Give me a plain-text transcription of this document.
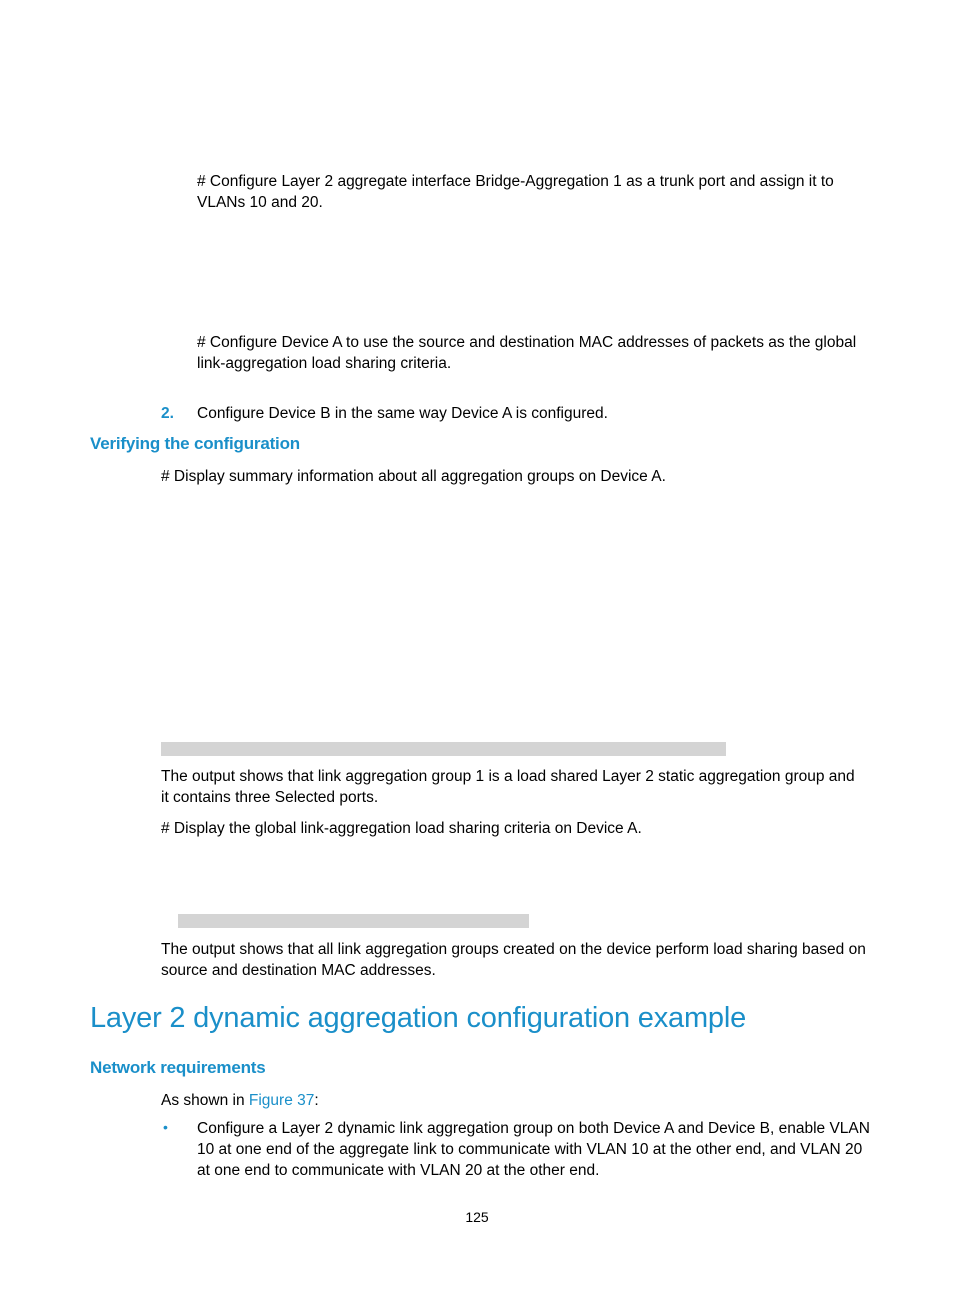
# Configure Layer 2 aggregate interface Bridge-Aggregation 1 as a trunk port and assign it to
VLANs 10 and 20.
# Configure Device A to use the source and destination MAC addresses of packets as the global
link-aggregation load sharing criteria.
2. Configure Device B in the same way Device A is configured.
Verifying the configuration
# Display summary information about all aggregation groups on Device A.
The output shows that link aggregation group 1 is a load shared Layer 2 static aggregation group and
it contains three Selected ports.
# Display the global link-aggregation load sharing criteria on Device A.
The output shows that all link aggregation groups created on the device perform load sharing based on
source and destination MAC addresses.
Layer 2 dynamic aggregation configuration example
Network requirements
As shown in Figure 37:
• Configure a Layer 2 dynamic link aggregation group on both Device A and Device B, enable VLAN
10 at one end of the aggregate link to communicate with VLAN 10 at the other end, and VLAN 20
at one end to communicate with VLAN 20 at the other end.
125
